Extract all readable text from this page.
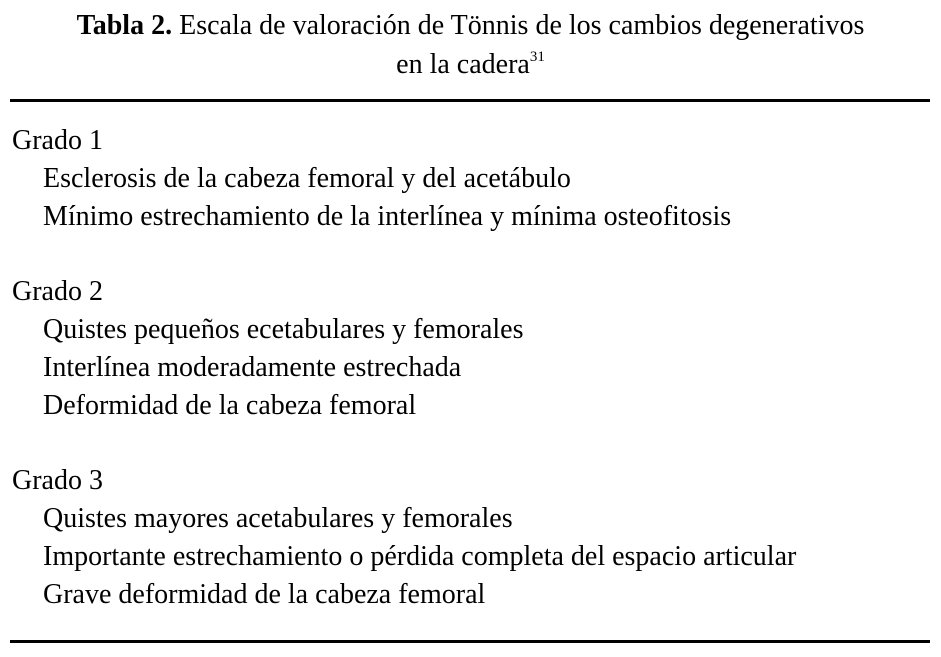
Tabla 2. Escala de valoración de Tönnis de los cambios degenerativos
en la cadera$^{31}$
Grado 1
Esclerosis de la cabeza femoral y del acetábulo
Mínimo estrechamiento de la interlínea y mínima osteofitosis
Grado 2
Quistes pequeños ecetabulares y femorales
Interlínea moderadamente estrechada
Deformidad de la cabeza femoral
Grado 3
Quistes mayores acetabulares y femorales
Importante estrechamiento o pérdida completa del espacio articular
Grave deformidad de la cabeza femoral
